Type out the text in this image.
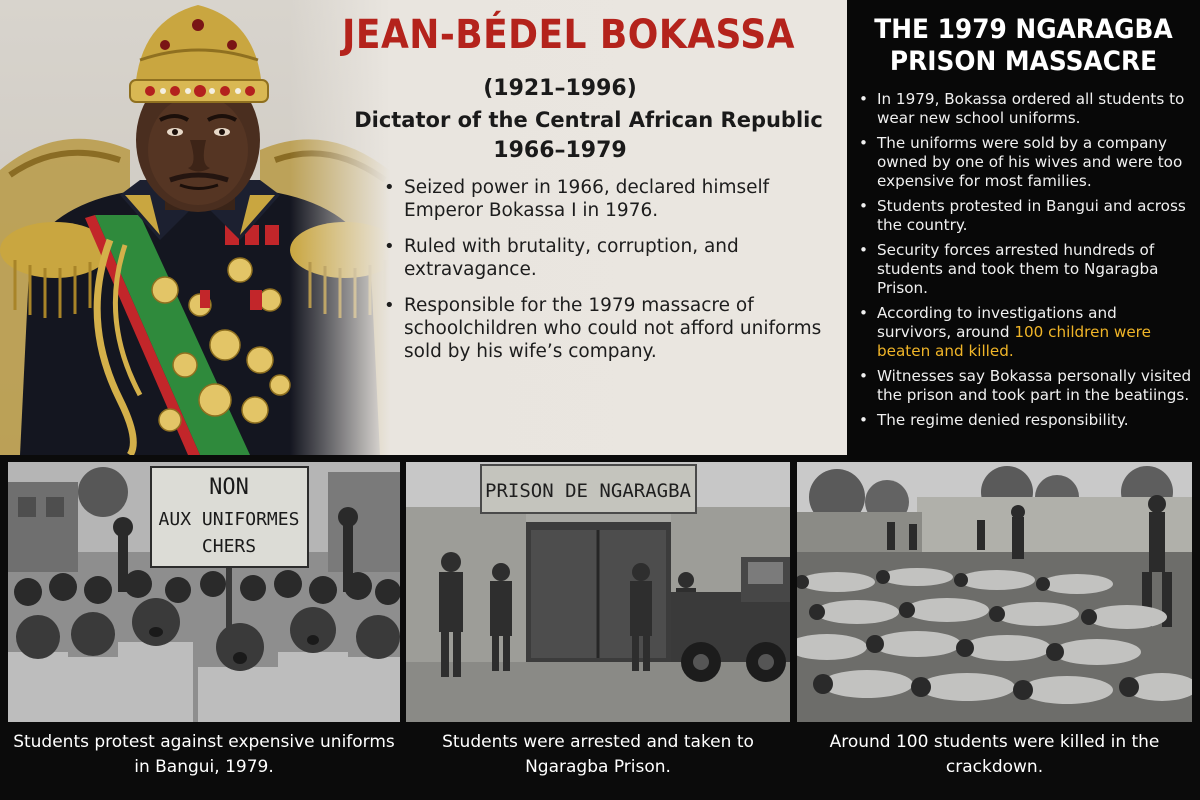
JEAN-BÉDEL BOKASSA
(1921–1996)
Dictator of the Central African Republic
1966–1979
• Seized power in 1966, declared himself Emperor Bokassa I in 1976.
• Ruled with brutality, corruption, and extravagance.
• Responsible for the 1979 massacre of schoolchildren who could not afford uniforms sold by his wife’s company.
THE 1979 NGARAGBA
PRISON MASSACRE
• In 1979, Bokassa ordered all students to wear new school uniforms.
• The uniforms were sold by a company owned by one of his wives and were too expensive for most families.
• Students protested in Bangui and across the country.
• Security forces arrested hundreds of students and took them to Ngaragba Prison.
• According to investigations and survivors, around 100 children were beaten and killed.
• Witnesses say Bokassa personally visited the prison and took part in the beatiings.
• The regime denied responsibility.
NON
AUX UNIFORMES
CHERS
PRISON DE NGARAGBA
Students protest against expensive uniforms in Bangui, 1979.
Students were arrested and taken to Ngaragba Prison.
Around 100 students were killed in the crackdown.
